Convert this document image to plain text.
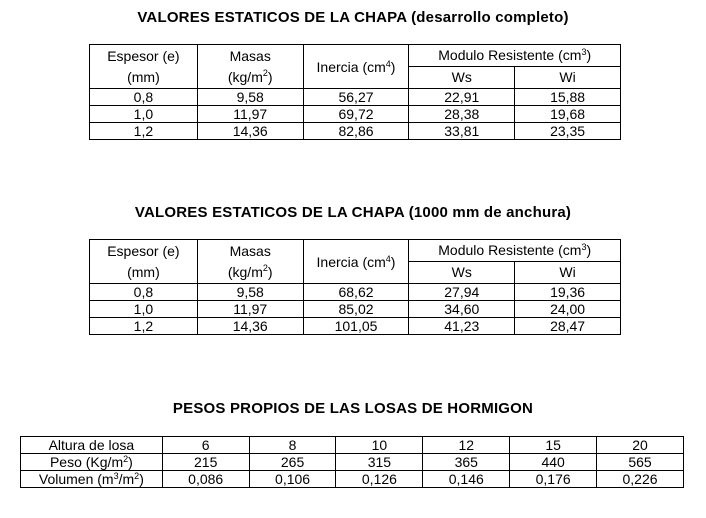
VALORES ESTATICOS DE LA CHAPA (desarrollo completo)
Espesor (e)	Masas	Inercia $(cm^4)$	Modulo Resistente $(cm^3)$	
(mm)	$(kg/m^2)$		Ws	Wi
0,8	9,58	56,27	22,91	15,88
1,0	11,97	69,72	28,38	19,68
1,2	14,36	82,86	33,81	23,35
VALORES ESTATICOS DE LA CHAPA (1000 mm de anchura)
Espesor (e)	Masas	Inercia $(cm^4)$	Modulo Resistente $(cm^3)$	
(mm)	$(kg/m^2)$		Ws	Wi
0,8	9,58	68,62	27,94	19,36
1,0	11,97	85,02	34,60	24,00
1,2	14,36	101,05	41,23	28,47
PESOS PROPIOS DE LAS LOSAS DE HORMIGON
Altura de losa	6	8	10	12	15	20
Peso $(Kg/m^2)$	215	265	315	365	440	565
Volumen $(m^3/m^2)$	0,086	0,106	0,126	0,146	0,176	0,226
